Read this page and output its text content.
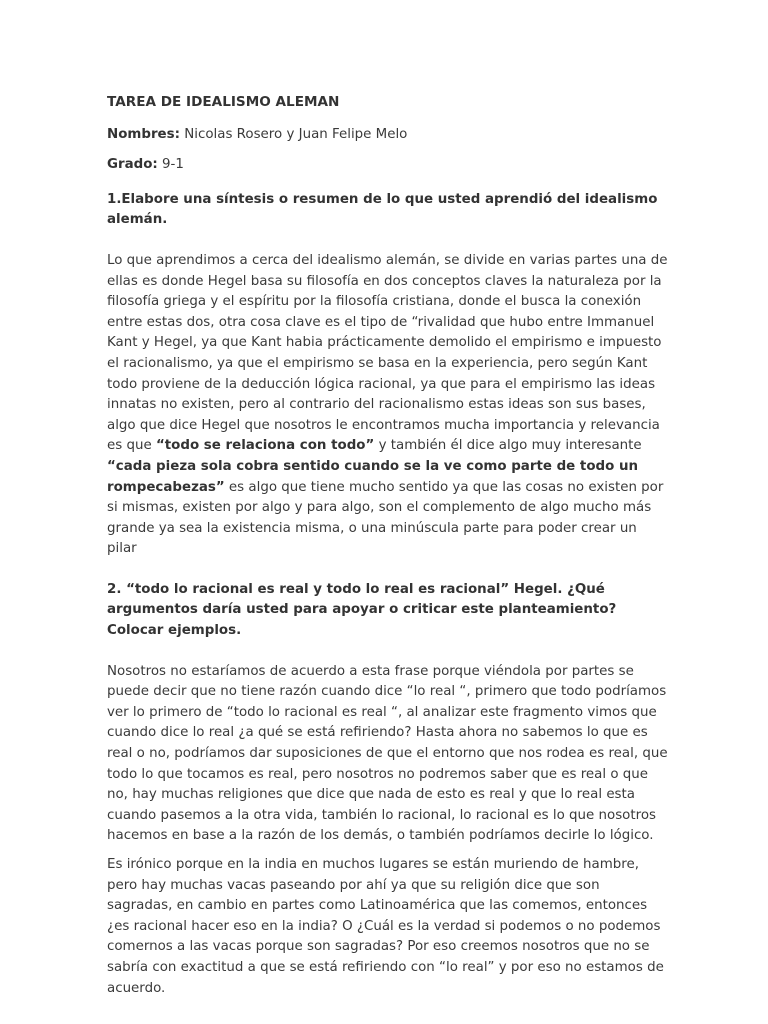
TAREA DE IDEALISMO ALEMAN
Nombres: Nicolas Rosero y Juan Felipe Melo
Grado: 9-1
1.Elabore una síntesis o resumen de lo que usted aprendió del idealismo alemán.

Lo que aprendimos a cerca del idealismo alemán, se divide en varias partes una de ellas es donde Hegel basa su filosofía en dos conceptos claves la naturaleza por la filosofía griega y el espíritu por la filosofía cristiana, donde el busca la conexión entre estas dos, otra cosa clave es el tipo de “rivalidad que hubo entre Immanuel Kant y Hegel, ya que Kant habia prácticamente demolido el empirismo e impuesto el racionalismo, ya que el empirismo se basa en la experiencia, pero según Kant todo proviene de la deducción lógica racional, ya que para el empirismo las ideas innatas no existen, pero al contrario del racionalismo estas ideas son sus bases, algo que dice Hegel que nosotros le encontramos mucha importancia y relevancia es que “todo se relaciona con todo” y también él dice algo muy interesante “cada pieza sola cobra sentido cuando se la ve como parte de todo un rompecabezas” es algo que tiene mucho sentido ya que las cosas no existen por si mismas, existen por algo y para algo, son el complemento de algo mucho más grande ya sea la existencia misma, o una minúscula parte para poder crear un pilar

2. “todo lo racional es real y todo lo real es racional” Hegel. ¿Qué argumentos daría usted para apoyar o criticar este planteamiento? Colocar ejemplos.

Nosotros no estaríamos de acuerdo a esta frase porque viéndola por partes se puede decir que no tiene razón cuando dice “lo real “, primero que todo podríamos ver lo primero de “todo lo racional es real “, al analizar este fragmento vimos que cuando dice lo real ¿a qué se está refiriendo? Hasta ahora no sabemos lo que es real o no, podríamos dar suposiciones de que el entorno que nos rodea es real, que todo lo que tocamos es real, pero nosotros no podremos saber que es real o que no, hay muchas religiones que dice que nada de esto es real y que lo real esta cuando pasemos a la otra vida, también lo racional, lo racional es lo que nosotros hacemos en base a la razón de los demás, o también podríamos decirle lo lógico.

Es irónico porque en la india en muchos lugares se están muriendo de hambre, pero hay muchas vacas paseando por ahí ya que su religión dice que son sagradas, en cambio en partes como Latinoamérica que las comemos, entonces ¿es racional hacer eso en la india? O ¿Cuál es la verdad si podemos o no podemos comernos a las vacas porque son sagradas? Por eso creemos nosotros que no se sabría con exactitud a que se está refiriendo con “lo real” y por eso no estamos de acuerdo.
